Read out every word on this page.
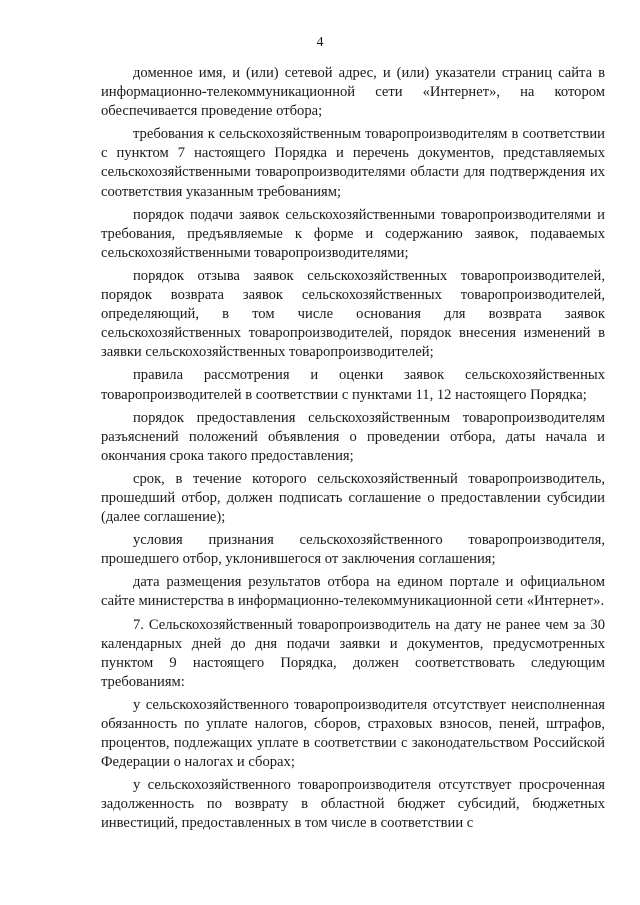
4

доменное имя, и (или) сетевой адрес, и (или) указатели страниц сайта в информационно-телекоммуникационной сети «Интернет», на котором обеспечивается проведение отбора;

требования к сельскохозяйственным товаропроизводителям в соответствии с пунктом 7 настоящего Порядка и перечень документов, представляемых сельскохозяйственными товаропроизводителями области для подтверждения их соответствия указанным требованиям;

порядок подачи заявок сельскохозяйственными товаропроизводителями и требования, предъявляемые к форме и содержанию заявок, подаваемых сельскохозяйственными товаропроизводителями;

порядок отзыва заявок сельскохозяйственных товаропроизводителей, порядок возврата заявок сельскохозяйственных товаропроизводителей, определяющий, в том числе основания для возврата заявок сельскохозяйственных товаропроизводителей, порядок внесения изменений в заявки сельскохозяйственных товаропроизводителей;

правила рассмотрения и оценки заявок сельскохозяйственных товаропроизводителей в соответствии с пунктами 11, 12 настоящего Порядка;

порядок предоставления сельскохозяйственным товаропроизводителям разъяснений положений объявления о проведении отбора, даты начала и окончания срока такого предоставления;

срок, в течение которого сельскохозяйственный товаропроизводитель, прошедший отбор, должен подписать соглашение о предоставлении субсидии (далее соглашение);

условия признания сельскохозяйственного товаропроизводителя, прошедшего отбор, уклонившегося от заключения соглашения;

дата размещения результатов отбора на едином портале и официальном сайте министерства в информационно-телекоммуникационной сети «Интернет».

7. Сельскохозяйственный товаропроизводитель на дату не ранее чем за 30 календарных дней до дня подачи заявки и документов, предусмотренных пунктом 9 настоящего Порядка, должен соответствовать следующим требованиям:

у сельскохозяйственного товаропроизводителя отсутствует неисполненная обязанность по уплате налогов, сборов, страховых взносов, пеней, штрафов, процентов, подлежащих уплате в соответствии с законодательством Российской Федерации о налогах и сборах;

у сельскохозяйственного товаропроизводителя отсутствует просроченная задолженность по возврату в областной бюджет субсидий, бюджетных инвестиций, предоставленных в том числе в соответствии с
